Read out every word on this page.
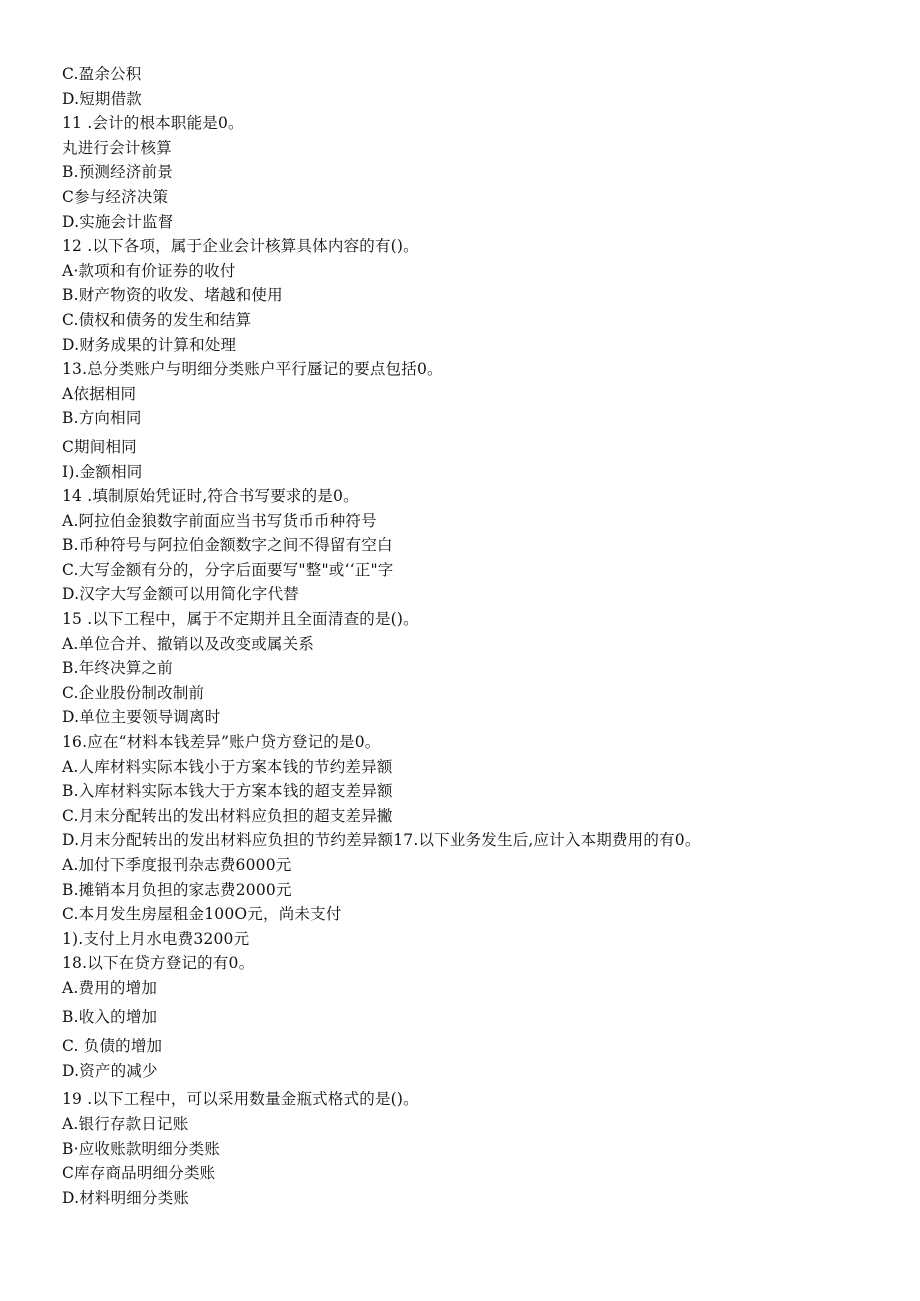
C.盈余公积
D.短期借款
11 .会计的根本职能是0。
丸进行会计核算
B.预测经济前景
C参与经济决策
D.实施会计监督
12 .以下各项，属于企业会计核算具体内容的有()。
A·款项和有价证券的收付
B.财产物资的收发、堵越和使用
C.债权和债务的发生和结算
D.财务成果的计算和处理
13.总分类账户与明细分类账户平行蜃记的要点包括0。
A依据相同
B.方向相同
C期间相同
I).金额相同
14 .填制原始凭证时,符合书写要求的是0。
A.阿拉伯金狼数字前面应当书写货币币种符号
B.币种符号与阿拉伯金额数字之间不得留有空白
C.大写金额有分的，分字后面要写"整"或‘‘正"字
D.汉字大写金额可以用简化字代替
15 .以下工程中，属于不定期并且全面清查的是()。
A.单位合并、撤销以及改变或属关系
B.年终决算之前
C.企业股份制改制前
D.单位主要领导调离时
16.应在“材料本钱差异”账户贷方登记的是0。
A.人库材料实际本钱小于方案本钱的节约差异额
B.入库材料实际本钱大于方案本钱的超支差异额
C.月末分配转出的发出材料应负担的超支差异撇
D.月末分配转出的发出材料应负担的节约差异额17.以下业务发生后,应计入本期费用的有0。
A.加付下季度报刊杂志费6000元
B.摊销本月负担的家志费2000元
C.本月发生房屋租金100O元，尚未支付
1).支付上月水电费3200元
18.以下在贷方登记的有0。
A.费用的增加
B.收入的增加
C. 负债的增加
D.资产的减少
19 .以下工程中，可以采用数量金瓶式格式的是()。
A.银行存款日记账
B·应收账款明细分类账
C库存商品明细分类账
D.材料明细分类账
